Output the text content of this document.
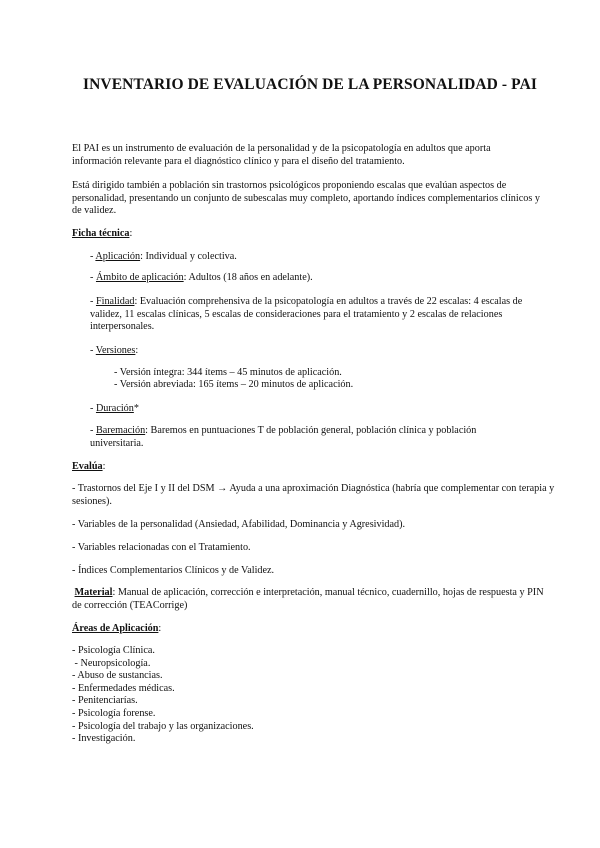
INVENTARIO DE EVALUACIÓN DE LA PERSONALIDAD - PAI
El PAI es un instrumento de evaluación de la personalidad y de la psicopatología en adultos que aporta información relevante para el diagnóstico clínico y para el diseño del tratamiento.
Está dirigido también a población sin trastornos psicológicos proponiendo escalas que evalúan aspectos de personalidad, presentando un conjunto de subescalas muy completo, aportando índices complementarios clínicos y de validez.
Ficha técnica:
- Aplicación: Individual y colectiva.
- Ámbito de aplicación: Adultos (18 años en adelante).
- Finalidad: Evaluación comprehensiva de la psicopatología en adultos a través de 22 escalas: 4 escalas de validez, 11 escalas clínicas, 5 escalas de consideraciones para el tratamiento y 2 escalas de relaciones interpersonales.
- Versiones:
- Versión íntegra: 344 ítems – 45 minutos de aplicación.
- Versión abreviada: 165 ítems – 20 minutos de aplicación.
- Duración*
- Baremación: Baremos en puntuaciones T de población general, población clínica y población universitaria.
Evalúa:
- Trastornos del Eje I y II del DSM → Ayuda a una aproximación Diagnóstica (habría que complementar con terapia y sesiones).
- Variables de la personalidad (Ansiedad, Afabilidad, Dominancia y Agresividad).
- Variables relacionadas con el Tratamiento.
- Índices Complementarios Clínicos y de Validez.
Material: Manual de aplicación, corrección e interpretación, manual técnico, cuadernillo, hojas de respuesta y PIN de corrección (TEACorrige)
Áreas de Aplicación:
- Psicología Clínica.
- Neuropsicología.
- Abuso de sustancias.
- Enfermedades médicas.
- Penitenciarías.
- Psicología forense.
- Psicología del trabajo y las organizaciones.
- Investigación.
